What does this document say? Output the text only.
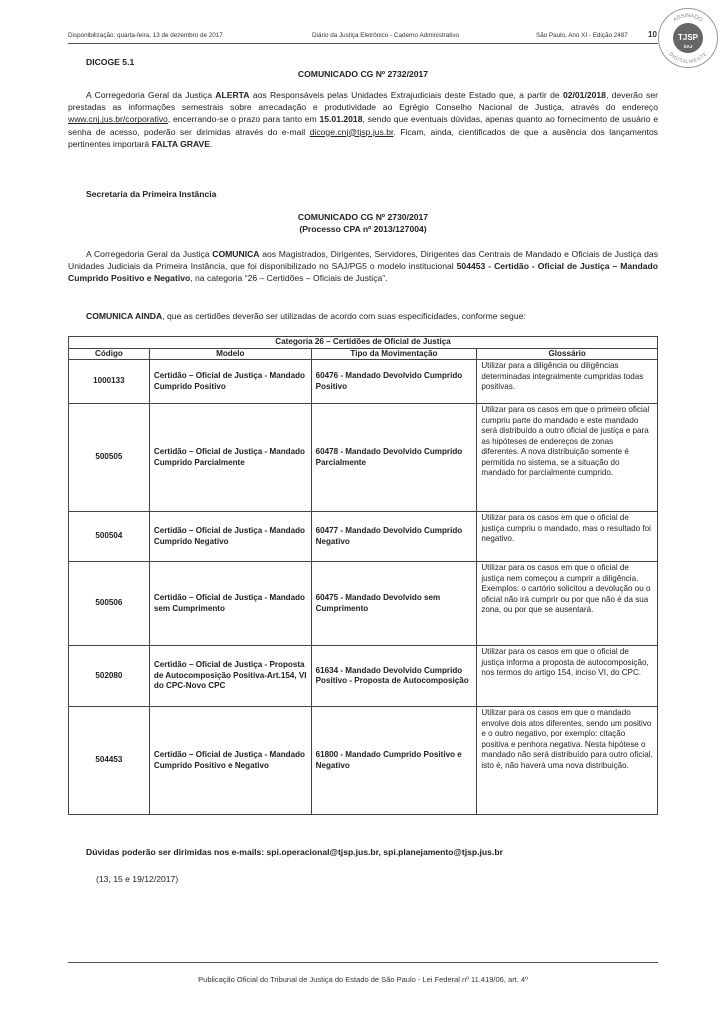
Disponibilização: quarta-feira, 13 de dezembro de 2017	Diário da Justiça Eletrônico - Caderno Administrativo	São Paulo, Ano XI - Edição 2487	10
ASSINADO
DIGITALMENTE
TJSP
SAJ
DICOGE 5.1
COMUNICADO CG Nº 2732/2017
A Corregedoria Geral da Justiça ALERTA aos Responsáveis pelas Unidades Extrajudiciais deste Estado que, a partir de 02/01/2018, deverão ser prestadas as informações semestrais sobre arrecadação e produtividade ao Egrégio Conselho Nacional de Justiça, através do endereço www.cnj.jus.br/corporativo, encerrando-se o prazo para tanto em 15.01.2018, sendo que eventuais dúvidas, apenas quanto ao fornecimento de usuário e senha de acesso, poderão ser dirimidas através do e-mail dicoge.cnj@tjsp.jus.br. Ficam, ainda, cientificados de que a ausência dos lançamentos pertinentes importará FALTA GRAVE.
Secretaria da Primeira Instância
COMUNICADO CG Nº 2730/2017
(Processo CPA nº 2013/127004)
A Corregedoria Geral da Justiça COMUNICA aos Magistrados, Dirigentes, Servidores, Dirigentes das Centrais de Mandado e Oficiais de Justiça das Unidades Judiciais da Primeira Instância, que foi disponibilizado no SAJ/PG5 o modelo institucional 504453 - Certidão - Oficial de Justiça – Mandado Cumprido Positivo e Negativo, na categoria “26 – Certidões – Oficiais de Justiça”.
COMUNICA AINDA, que as certidões deverão ser utilizadas de acordo com suas especificidades, conforme segue:
Categoria 26 – Certidões de Oficial de Justiça			
Código	Modelo	Tipo da Movimentação	Glossário
1000133	Certidão – Oficial de Justiça - Mandado Cumprido Positivo	60476 - Mandado Devolvido Cumprido Positivo	Utilizar para a diligência ou diligências determinadas integralmente cumpridas todas positivas.
500505	Certidão – Oficial de Justiça - Mandado Cumprido Parcialmente	60478 - Mandado Devolvido Cumprido Parcialmente	Utilizar para os casos em que o primeiro oficial cumpriu parte do mandado e este mandado será distribuído a outro oficial de justiça e para as hipóteses de endereços de zonas diferentes. A nova distribuição somente é permitida no sistema, se a situação do mandado for parcialmente cumprido.
500504	Certidão – Oficial de Justiça - Mandado Cumprido Negativo	60477 - Mandado Devolvido Cumprido Negativo	Utilizar para os casos em que o oficial de justiça cumpriu o mandado, mas o resultado foi negativo.
500506	Certidão – Oficial de Justiça - Mandado sem Cumprimento	60475 - Mandado Devolvido sem Cumprimento	Utilizar para os casos em que o oficial de justiça nem começou a cumprir a diligência. Exemplos: o cartório solicitou a devolução ou o oficial não irá cumprir ou por que não é da sua zona, ou por que se ausentará.
502080	Certidão – Oficial de Justiça - Proposta de Autocomposição Positiva-Art.154, VI do CPC-Novo CPC	61634 - Mandado Devolvido Cumprido Positivo - Proposta de Autocomposição	Utilizar para os casos em que o oficial de justiça informa a proposta de autocomposição, nos termos do artigo 154, inciso VI, do CPC.
504453	Certidão – Oficial de Justiça - Mandado Cumprido Positivo e Negativo	61800 - Mandado Cumprido Positivo e Negativo	Utilizar para os casos em que o mandado envolve dois atos diferentes, sendo um positivo e o outro negativo, por exemplo: citação positiva e penhora negativa. Nesta hipótese o mandado não será distribuído para outro oficial, isto é, não haverá uma nova distribuição.
Dúvidas poderão ser dirimidas nos e-mails: spi.operacional@tjsp.jus.br, spi.planejamento@tjsp.jus.br
(13, 15 e 19/12/2017)
Publicação Oficial do Tribunal de Justiça do Estado de São Paulo - Lei Federal nº 11.419/06, art. 4º
